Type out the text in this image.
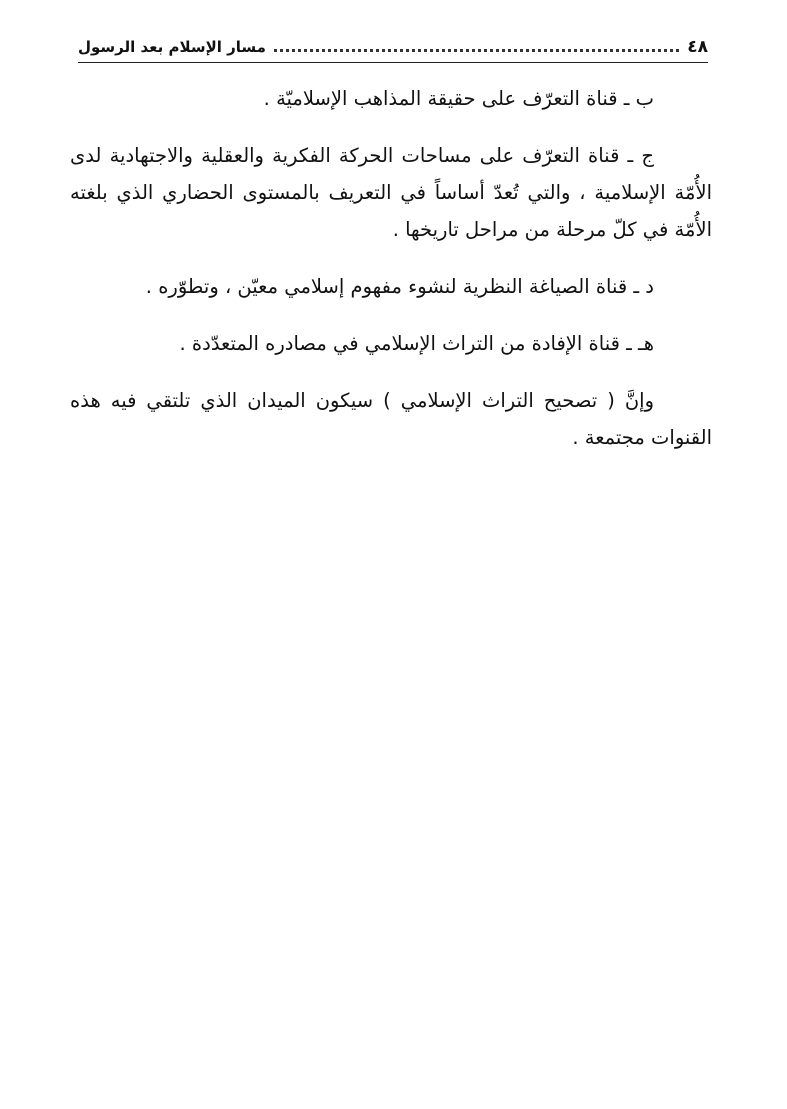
٤٨
مسار الإسلام بعد الرسول

ب ـ قناة التعرّف على حقيقة المذاهب الإسلاميّة .

ج ـ قناة التعرّف على مساحات الحركة الفكرية والعقلية والاجتهادية لدى الأُمّة الإسلامية ، والتي تُعدّ أساساً في التعريف بالمستوى الحضاري الذي بلغته الأُمّة في كلّ مرحلة من مراحل تاريخها .

د ـ قناة الصياغة النظرية لنشوء مفهوم إسلامي معيّن ، وتطوّره .

هـ ـ قناة الإفادة من التراث الإسلامي في مصادره المتعدّدة .

وإنَّ ( تصحيح التراث الإسلامي ) سيكون الميدان الذي تلتقي فيه هذه القنوات مجتمعة .
